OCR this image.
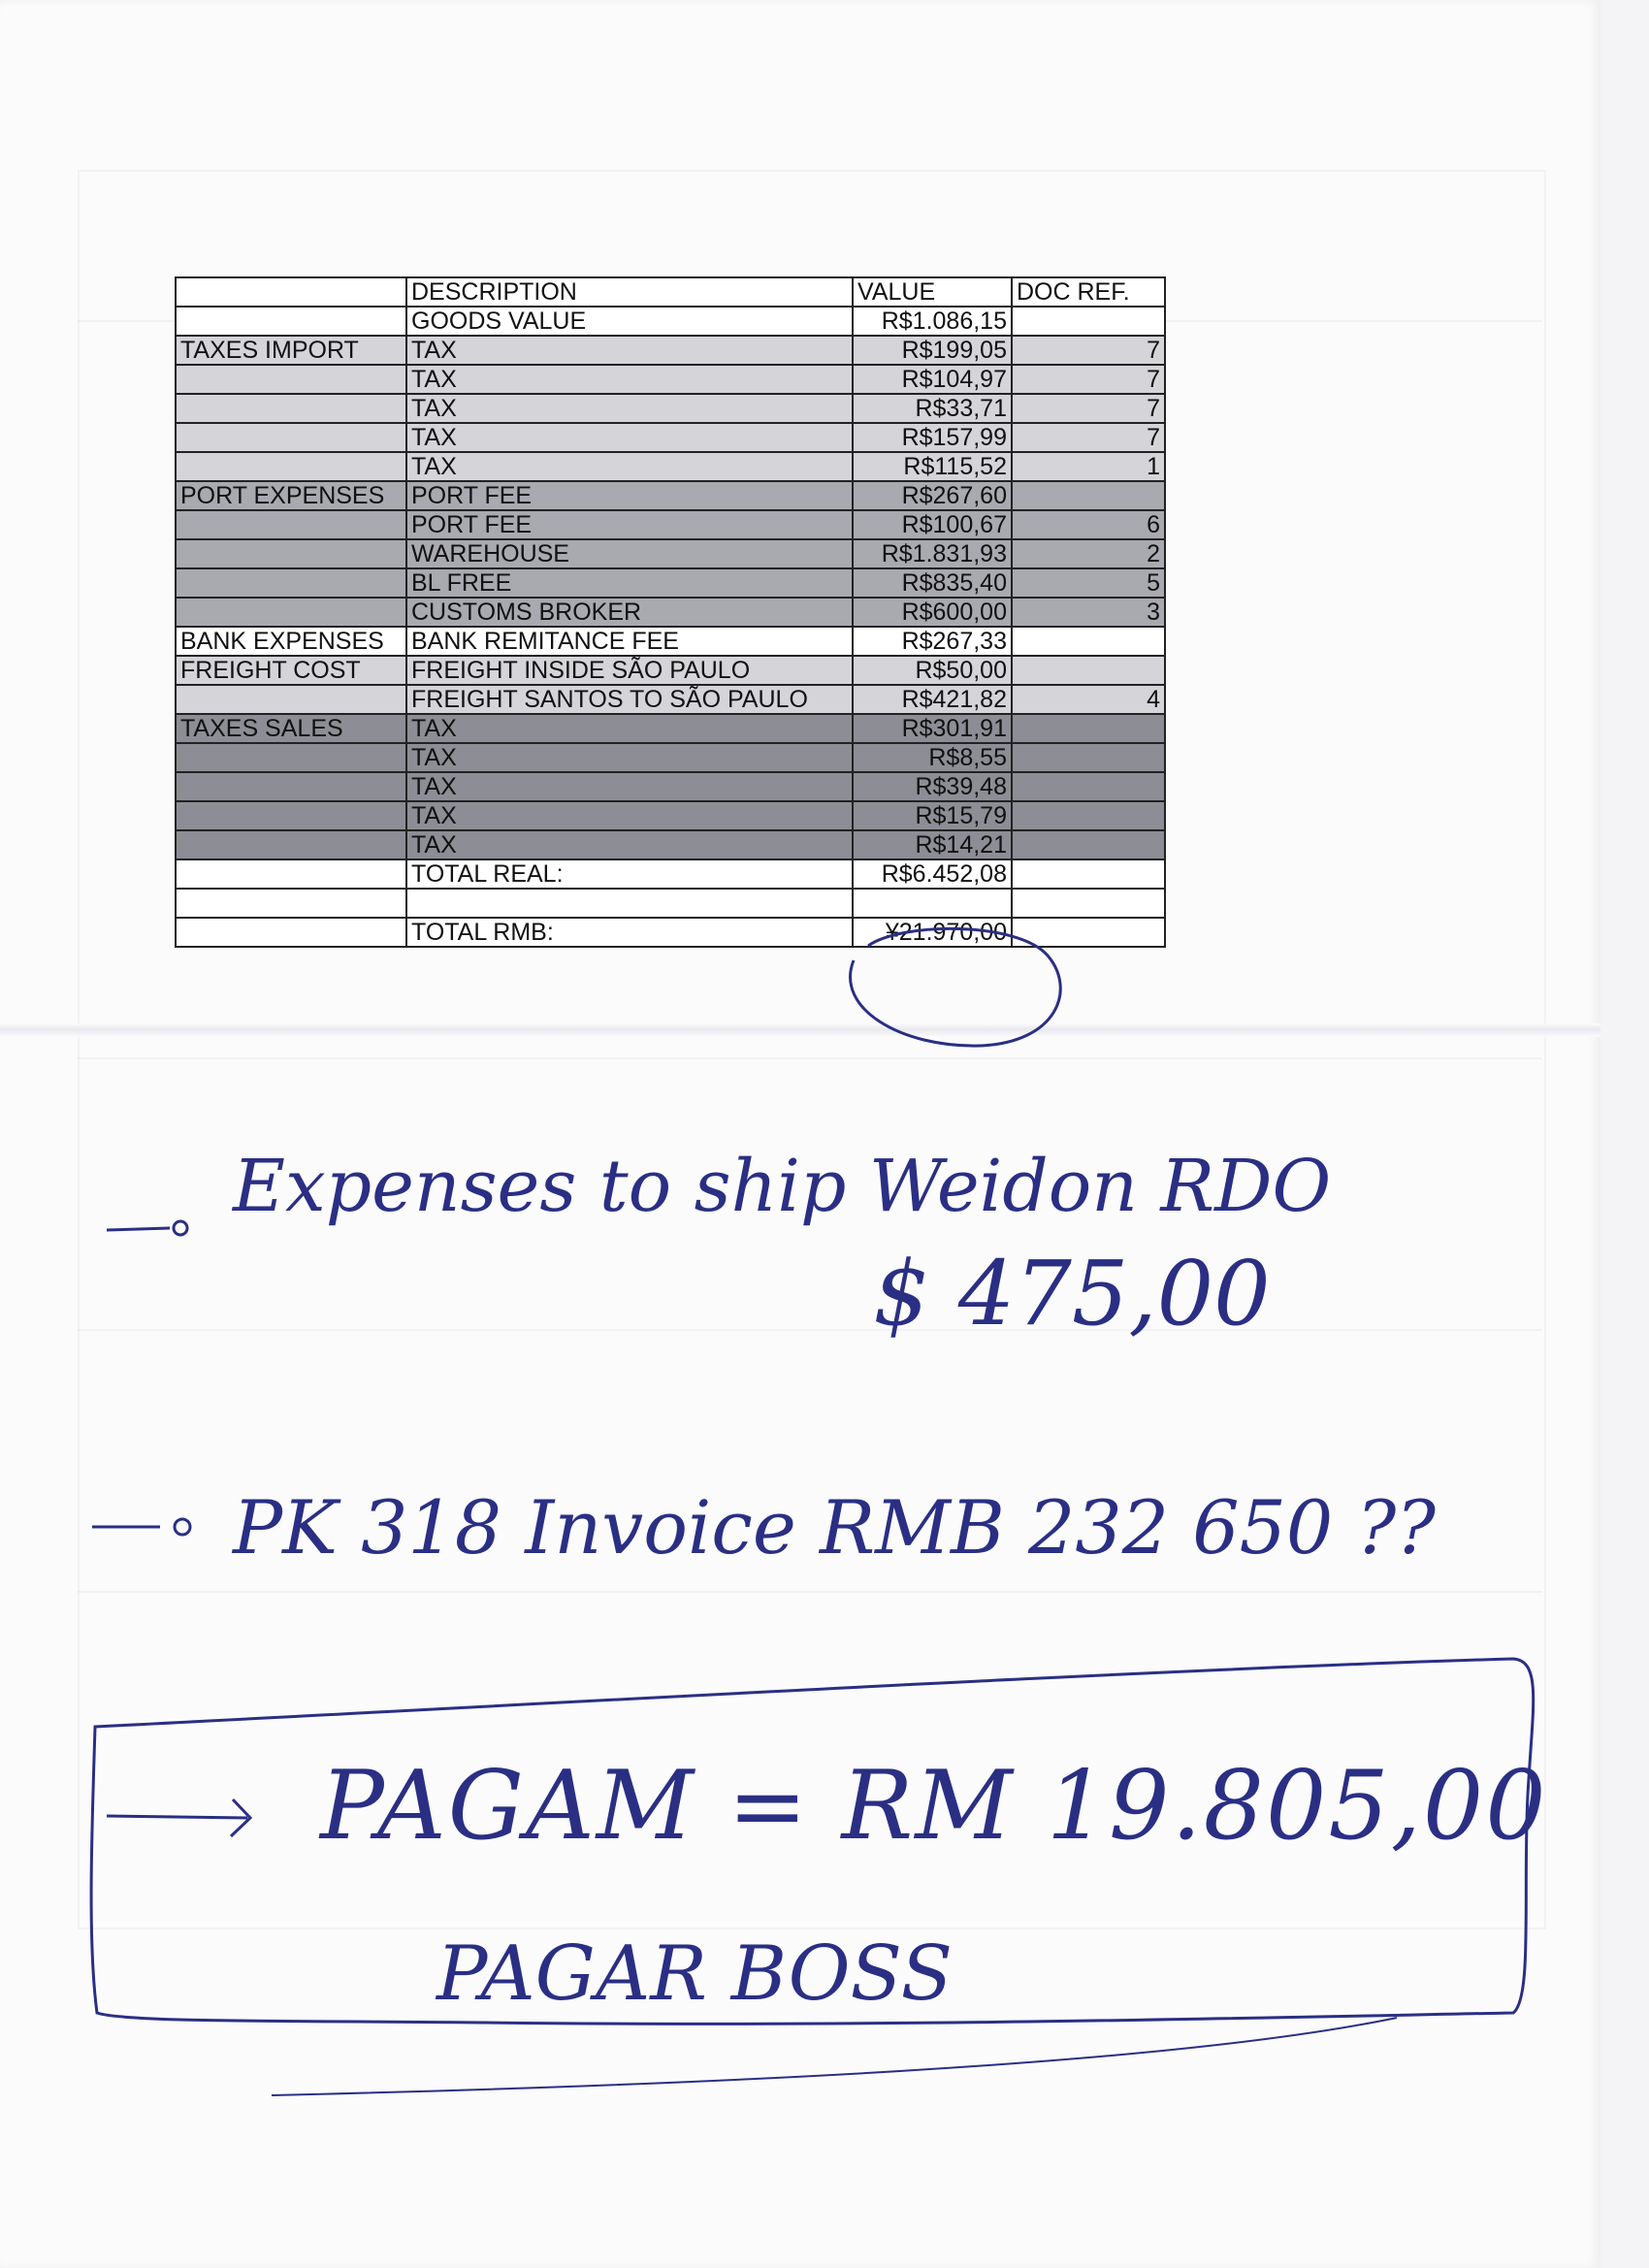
	DESCRIPTION	VALUE	DOC REF.
	GOODS VALUE	R$1.086,15	
TAXES IMPORT	TAX	R$199,05	7
	TAX	R$104,97	7
	TAX	R$33,71	7
	TAX	R$157,99	7
	TAX	R$115,52	1
PORT EXPENSES	PORT FEE	R$267,60	
	PORT FEE	R$100,67	6
	WAREHOUSE	R$1.831,93	2
	BL FREE	R$835,40	5
	CUSTOMS BROKER	R$600,00	3
BANK EXPENSES	BANK REMITANCE FEE	R$267,33	
FREIGHT COST	FREIGHT INSIDE SÃO PAULO	R$50,00	
	FREIGHT SANTOS TO SÃO PAULO	R$421,82	4
TAXES SALES	TAX	R$301,91	
	TAX	R$8,55	
	TAX	R$39,48	
	TAX	R$15,79	
	TAX	R$14,21	
	TOTAL REAL:	R$6.452,08	

	TOTAL RMB:	¥21.970,00	
Expenses to ship Weidon RDO
$ 475,00
PK 318 Invoice RMB 232 650 ??
PAGAM = RM 19.805,00
PAGAR BOSS
